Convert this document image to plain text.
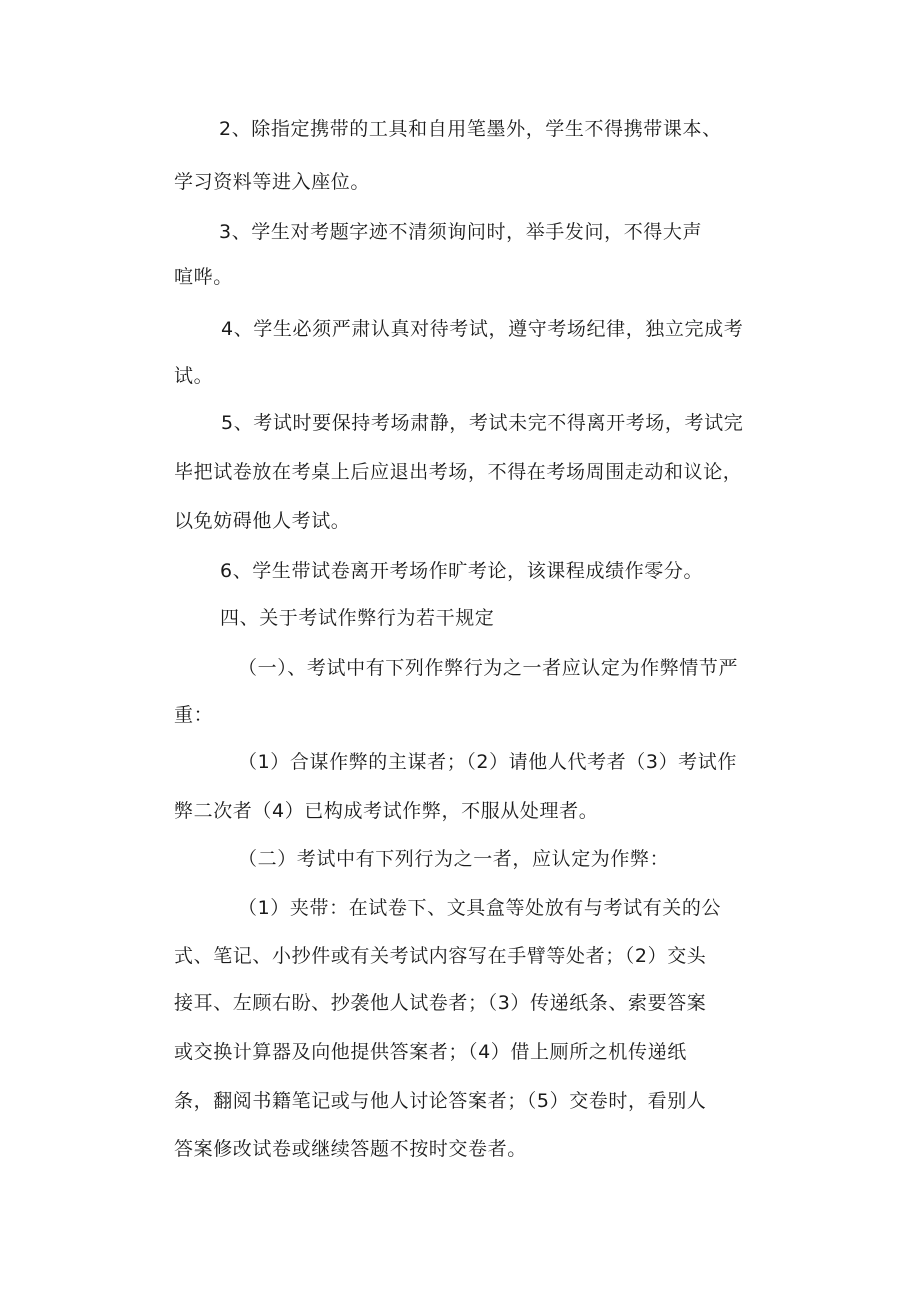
2、除指定携带的工具和自用笔墨外，学生不得携带课本、
学习资料等进入座位。
3、学生对考题字迹不清须询问时，举手发问，不得大声
喧哗。
4、学生必须严肃认真对待考试，遵守考场纪律，独立完成考
试。
5、考试时要保持考场肃静，考试未完不得离开考场，考试完
毕把试卷放在考桌上后应退出考场，不得在考场周围走动和议论，
以免妨碍他人考试。
6、学生带试卷离开考场作旷考论，该课程成绩作零分。
四、关于考试作弊行为若干规定
（一）、考试中有下列作弊行为之一者应认定为作弊情节严
重：
（1）合谋作弊的主谋者；（2）请他人代考者（3）考试作
弊二次者（4）已构成考试作弊，不服从处理者。
（二）考试中有下列行为之一者，应认定为作弊：
（1）夹带：在试卷下、文具盒等处放有与考试有关的公
式、笔记、小抄件或有关考试内容写在手臂等处者；（2）交头
接耳、左顾右盼、抄袭他人试卷者；（3）传递纸条、索要答案
或交换计算器及向他提供答案者；（4）借上厕所之机传递纸
条，翻阅书籍笔记或与他人讨论答案者；（5）交卷时，看别人
答案修改试卷或继续答题不按时交卷者。
